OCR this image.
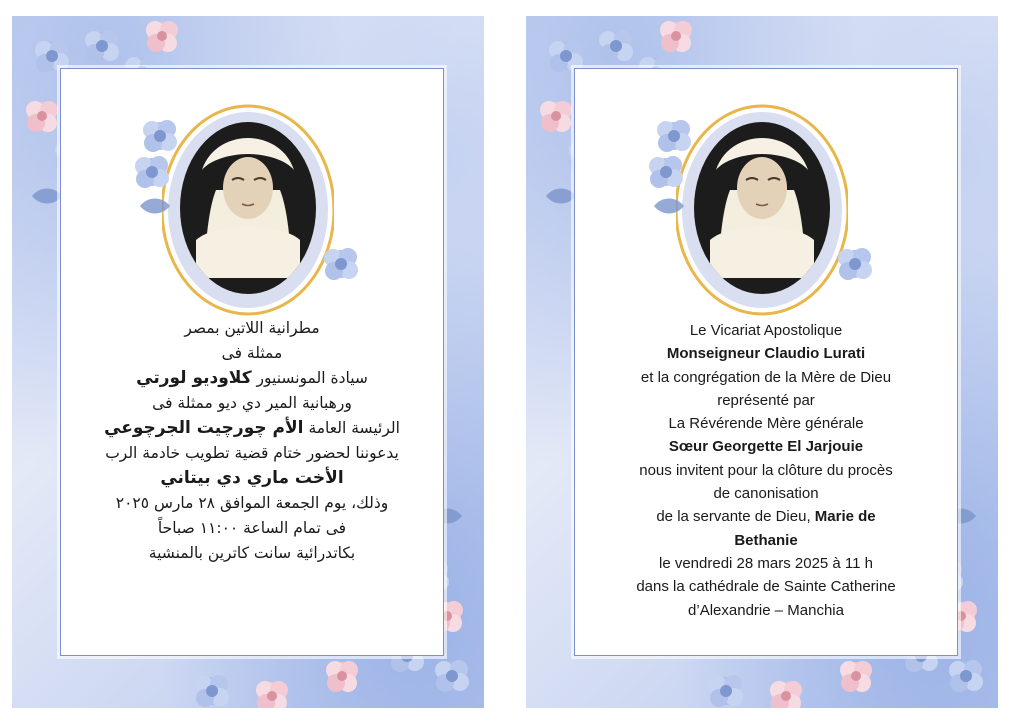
مطرانية اللاتين بمصر
ممثلة فى
سيادة المونسنيور كلاوديو لورتي
ورهبانية المير دي ديو ممثلة فى
الرئيسة العامة الأم چورچيت الجرچوعي
يدعوننا لحضور ختام قضية تطويب خادمة الرب
الأخت ماري دي بيتاني
وذلك، يوم الجمعة الموافق ٢٨ مارس ٢٠٢٥
فى تمام الساعة ١١:٠٠ صباحاً
بكاتدرائية سانت كاترين بالمنشية
Le Vicariat Apostolique
Monseigneur Claudio Lurati
et la congrégation de la Mère de Dieu
représenté par
La Révérende Mère générale
Sœur Georgette El Jarjouie
nous invitent pour la clôture du procès
de canonisation
de la servante de Dieu, Marie de
Bethanie
le vendredi 28 mars 2025 à 11 h
dans la cathédrale de Sainte Catherine
d’Alexandrie – Manchia
